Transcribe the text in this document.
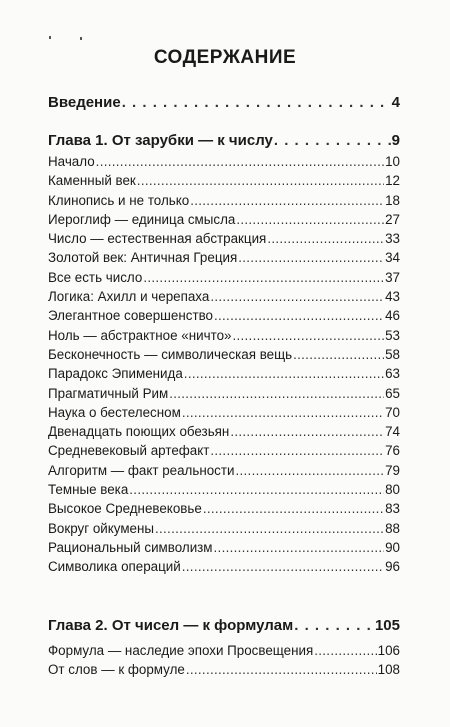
СОДЕРЖАНИЕ
Введение . . .	4
Глава 1. От зарубки — к числу . . .	9
Начало .....	10
Каменный век .....	12
Клинопись и не только .....	18
Иероглиф — единица смысла .....	27
Число — естественная абстракция .....	33
Золотой век: Античная Греция .....	34
Все есть число .....	37
Логика: Ахилл и черепаха .....	43
Элегантное совершенство .....	46
Ноль — абстрактное «ничто» .....	53
Бесконечность — символическая вещь .....	58
Парадокс Эпименида .....	63
Прагматичный Рим .....	65
Наука о бестелесном .....	70
Двенадцать поющих обезьян .....	74
Средневековый артефакт .....	76
Алгоритм — факт реальности .....	79
Темные века .....	80
Высокое Средневековье .....	83
Вокруг ойкумены .....	88
Рациональный символизм .....	90
Символика операций .....	96
Глава 2. От чисел — к формулам . . .	105
Формула — наследие эпохи Просвещения .....	106
От слов — к формуле .....	108
